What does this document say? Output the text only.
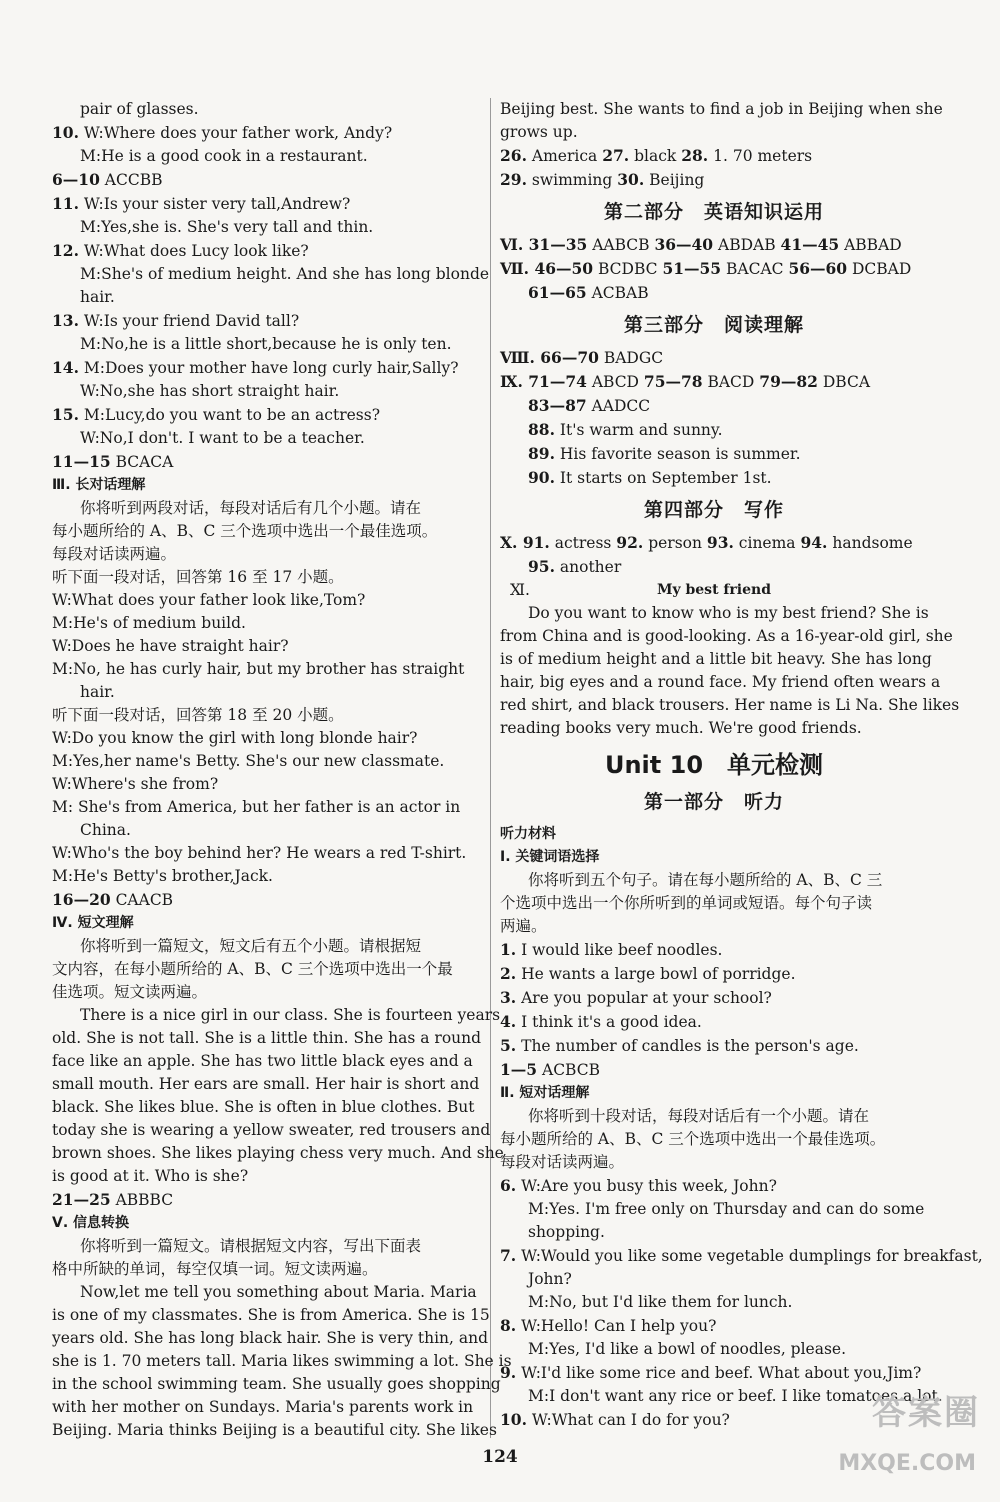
pair of glasses.
10. W:Where does your father work, Andy?
M:He is a good cook in a restaurant.
6—10 ACCBB
11. W:Is your sister very tall,Andrew?
M:Yes,she is. She's very tall and thin.
12. W:What does Lucy look like?
M:She's of medium height. And she has long blonde
hair.
13. W:Is your friend David tall?
M:No,he is a little short,because he is only ten.
14. M:Does your mother have long curly hair,Sally?
W:No,she has short straight hair.
15. M:Lucy,do you want to be an actress?
W:No,I don't. I want to be a teacher.
11—15 BCACA
Ⅲ. 长对话理解
你将听到两段对话，每段对话后有几个小题。请在
每小题所给的 A、B、C 三个选项中选出一个最佳选项。
每段对话读两遍。
听下面一段对话，回答第 16 至 17 小题。
W:What does your father look like,Tom?
M:He's of medium build.
W:Does he have straight hair?
M:No, he has curly hair, but my brother has straight
hair.
听下面一段对话，回答第 18 至 20 小题。
W:Do you know the girl with long blonde hair?
M:Yes,her name's Betty. She's our new classmate.
W:Where's she from?
M: She's from America, but her father is an actor in
China.
W:Who's the boy behind her? He wears a red T-shirt.
M:He's Betty's brother,Jack.
16—20 CAACB
Ⅳ. 短文理解
你将听到一篇短文，短文后有五个小题。请根据短
文内容，在每小题所给的 A、B、C 三个选项中选出一个最
佳选项。短文读两遍。
There is a nice girl in our class. She is fourteen years
old. She is not tall. She is a little thin. She has a round
face like an apple. She has two little black eyes and a
small mouth. Her ears are small. Her hair is short and
black. She likes blue. She is often in blue clothes. But
today she is wearing a yellow sweater, red trousers and
brown shoes. She likes playing chess very much. And she
is good at it. Who is she?
21—25 ABBBC
Ⅴ. 信息转换
你将听到一篇短文。请根据短文内容，写出下面表
格中所缺的单词，每空仅填一词。短文读两遍。
Now,let me tell you something about Maria. Maria
is one of my classmates. She is from America. She is 15
years old. She has long black hair. She is very thin, and
she is 1. 70 meters tall. Maria likes swimming a lot. She is
in the school swimming team. She usually goes shopping
with her mother on Sundays. Maria's parents work in
Beijing. Maria thinks Beijing is a beautiful city. She likes
Beijing best. She wants to find a job in Beijing when she
grows up.
26. America 27. black 28. 1. 70 meters
29. swimming 30. Beijing
第二部分　英语知识运用
Ⅵ. 31—35 AABCB 36—40 ABDAB 41—45 ABBAD
Ⅶ. 46—50 BCDBC 51—55 BACAC 56—60 DCBAD
61—65 ACBAB
第三部分　阅读理解
Ⅷ. 66—70 BADGC
Ⅸ. 71—74 ABCD 75—78 BACD 79—82 DBCA
83—87 AADCC
88. It's warm and sunny.
89. His favorite season is summer.
90. It starts on September 1st.
第四部分　写作
Ⅹ. 91. actress 92. person 93. cinema 94. handsome
95. another
Ⅺ.	My best friend
Do you want to know who is my best friend? She is
from China and is good-looking. As a 16-year-old girl, she
is of medium height and a little bit heavy. She has long
hair, big eyes and a round face. My friend often wears a
red shirt, and black trousers. Her name is Li Na. She likes
reading books very much. We're good friends.
Unit 10　单元检测
第一部分　听力
听力材料
Ⅰ. 关键词语选择
你将听到五个句子。请在每小题所给的 A、B、C 三
个选项中选出一个你所听到的单词或短语。每个句子读
两遍。
1. I would like beef noodles.
2. He wants a large bowl of porridge.
3. Are you popular at your school?
4. I think it's a good idea.
5. The number of candles is the person's age.
1—5 ACBCB
Ⅱ. 短对话理解
你将听到十段对话，每段对话后有一个小题。请在
每小题所给的 A、B、C 三个选项中选出一个最佳选项。
每段对话读两遍。
6. W:Are you busy this week, John?
M:Yes. I'm free only on Thursday and can do some
shopping.
7. W:Would you like some vegetable dumplings for breakfast,
John?
M:No, but I'd like them for lunch.
8. W:Hello! Can I help you?
M:Yes, I'd like a bowl of noodles, please.
9. W:I'd like some rice and beef. What about you,Jim?
M:I don't want any rice or beef. I like tomatoes a lot.
10. W:What can I do for you?
124
答案圈
MXQE.COM
